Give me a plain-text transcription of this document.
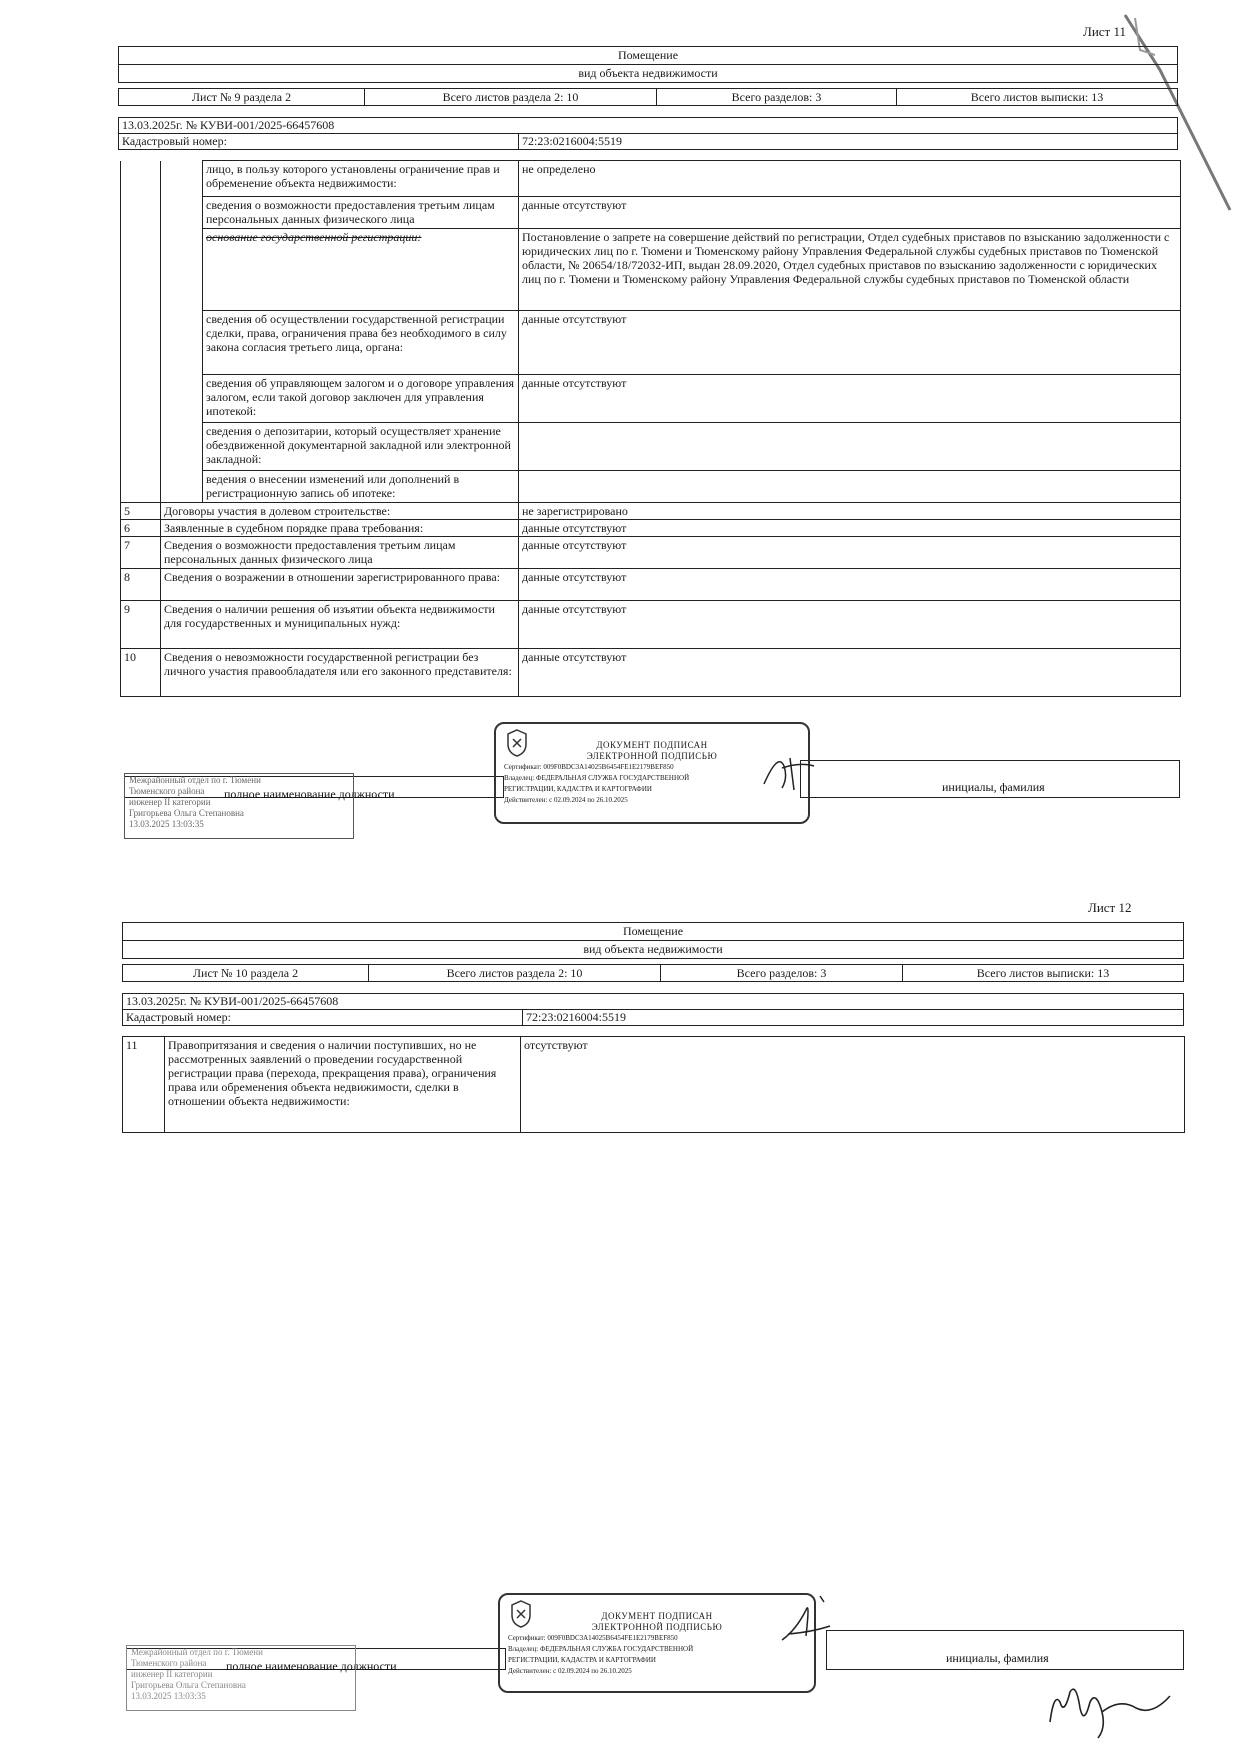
Лист 11
Помещение
вид объекта недвижимости
Лист № 9 раздела 2	Всего листов раздела 2: 10	Всего разделов: 3	Всего листов выписки: 13
13.03.2025г. № КУВИ-001/2025-66457608
Кадастровый номер:	72:23:0216004:5519
		лицо, в пользу которого установлены ограничение прав и обременение объекта недвижимости:	не определено
		сведения о возможности предоставления третьим лицам персональных данных физического лица	данные отсутствуют
		основание государственной регистрации:	Постановление о запрете на совершение действий по регистрации, Отдел судебных приставов по взысканию задолженности с юридических лиц по г. Тюмени и Тюменскому району Управления Федеральной службы судебных приставов по Тюменской области, № 20654/18/72032-ИП, выдан 28.09.2020, Отдел судебных приставов по взысканию задолженности с юридических лиц по г. Тюмени и Тюменскому району Управления Федеральной службы судебных приставов по Тюменской области
		сведения об осуществлении государственной регистрации сделки, права, ограничения права без необходимого в силу закона согласия третьего лица, органа:	данные отсутствуют
		сведения об управляющем залогом и о договоре управления залогом, если такой договор заключен для управления ипотекой:	данные отсутствуют
		сведения о депозитарии, который осуществляет хранение обездвиженной документарной закладной или электронной закладной:	
		ведения о внесении изменений или дополнений в регистрационную запись об ипотеке:	
5	Договоры участия в долевом строительстве:		не зарегистрировано
6	Заявленные в судебном порядке права требования:		данные отсутствуют
7	Сведения о возможности предоставления третьим лицам персональных данных физического лица		данные отсутствуют
8	Сведения о возражении в отношении зарегистрированного права:		данные отсутствуют
9	Сведения о наличии решения об изъятии объекта недвижимости для государственных и муниципальных нужд:		данные отсутствуют
10	Сведения о невозможности государственной регистрации без личного участия правообладателя или его законного представителя:		данные отсутствуют
полное наименование должности	инициалы, фамилия
Межрайонный отдел по г. Тюмени
Тюменского района
инженер II категории
Григорьева Ольга Степановна
13.03.2025 13:03:35
ДОКУМЕНТ ПОДПИСАН
ЭЛЕКТРОННОЙ ПОДПИСЬЮ
Сертификат: 009F0BDC3A14025B6454FE1E2179BEF850
Владелец: ФЕДЕРАЛЬНАЯ СЛУЖБА ГОСУДАРСТВЕННОЙ
РЕГИСТРАЦИИ, КАДАСТРА И КАРТОГРАФИИ
Действителен: с 02.09.2024 по 26.10.2025
Лист 12
Помещение
вид объекта недвижимости
Лист № 10 раздела 2	Всего листов раздела 2: 10	Всего разделов: 3	Всего листов выписки: 13
13.03.2025г. № КУВИ-001/2025-66457608
Кадастровый номер:	72:23:0216004:5519
11	Правопритязания и сведения о наличии поступивших, но не рассмотренных заявлений о проведении государственной регистрации права (перехода, прекращения права), ограничения права или обременения объекта недвижимости, сделки в отношении объекта недвижимости:	отсутствуют
полное наименование должности
инициалы, фамилия
Межрайонный отдел по г. Тюмени
Тюменского района
инженер II категории
Григорьева Ольга Степановна
13.03.2025 13:03:35
ДОКУМЕНТ ПОДПИСАН
ЭЛЕКТРОННОЙ ПОДПИСЬЮ
Сертификат: 009F0BDC3A14025B6454FE1E2179BEF850
Владелец: ФЕДЕРАЛЬНАЯ СЛУЖБА ГОСУДАРСТВЕННОЙ
РЕГИСТРАЦИИ, КАДАСТРА И КАРТОГРАФИИ
Действителен: с 02.09.2024 по 26.10.2025
